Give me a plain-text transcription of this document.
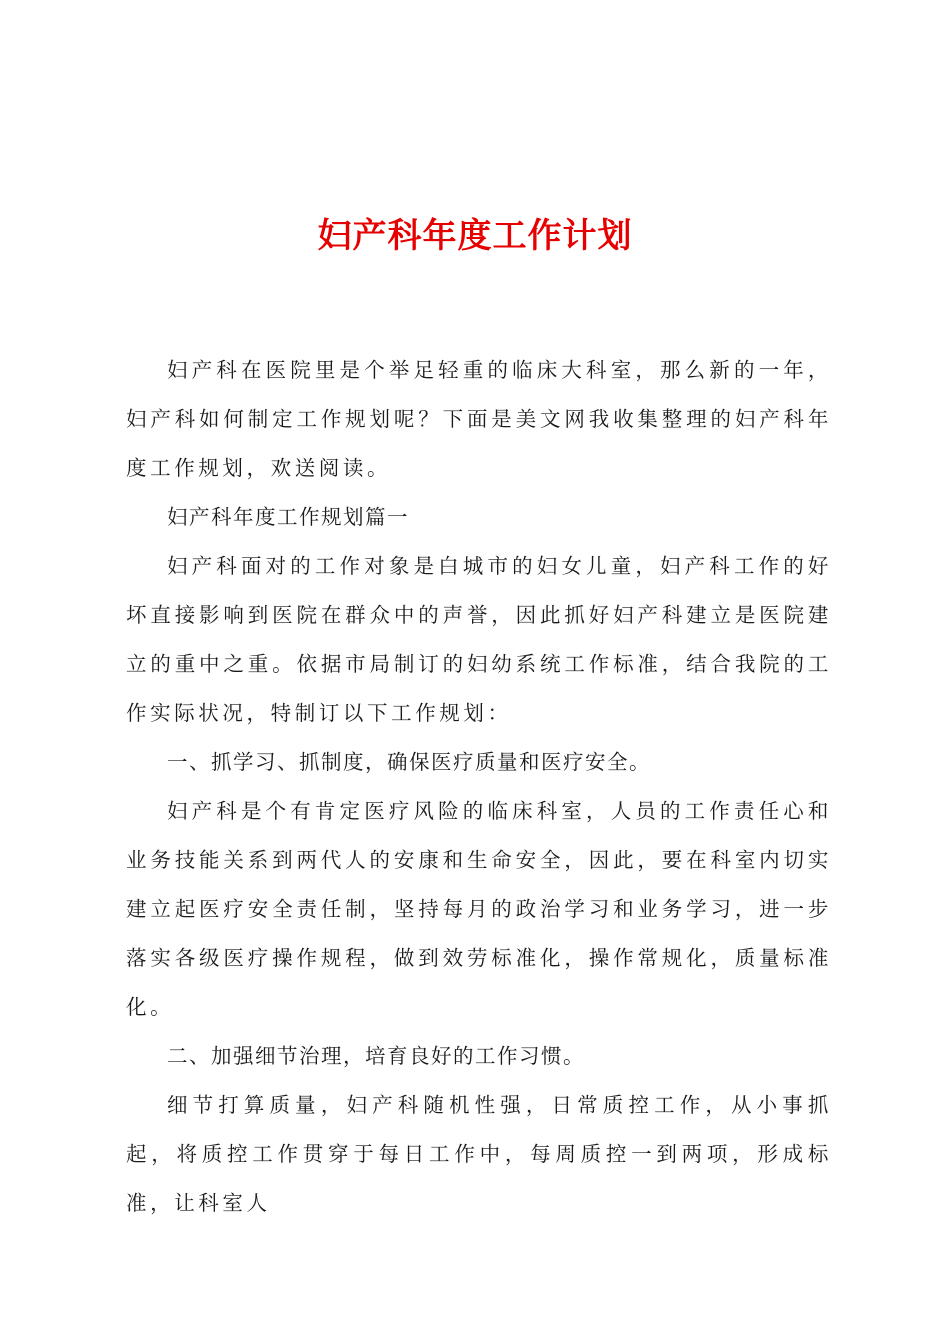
妇产科年度工作计划

妇产科在医院里是个举足轻重的临床大科室，那么新的一年，妇产科如何制定工作规划呢？下面是美文网我收集整理的妇产科年度工作规划，欢送阅读。

妇产科年度工作规划篇一

妇产科面对的工作对象是白城市的妇女儿童，妇产科工作的好坏直接影响到医院在群众中的声誉，因此抓好妇产科建立是医院建立的重中之重。依据市局制订的妇幼系统工作标准，结合我院的工作实际状况，特制订以下工作规划：

一、抓学习、抓制度，确保医疗质量和医疗安全。

妇产科是个有肯定医疗风险的临床科室，人员的工作责任心和业务技能关系到两代人的安康和生命安全，因此，要在科室内切实建立起医疗安全责任制，坚持每月的政治学习和业务学习，进一步落实各级医疗操作规程，做到效劳标准化，操作常规化，质量标准化。

二、加强细节治理，培育良好的工作习惯。

细节打算质量，妇产科随机性强，日常质控工作，从小事抓起，将质控工作贯穿于每日工作中，每周质控一到两项，形成标准，让科室人
